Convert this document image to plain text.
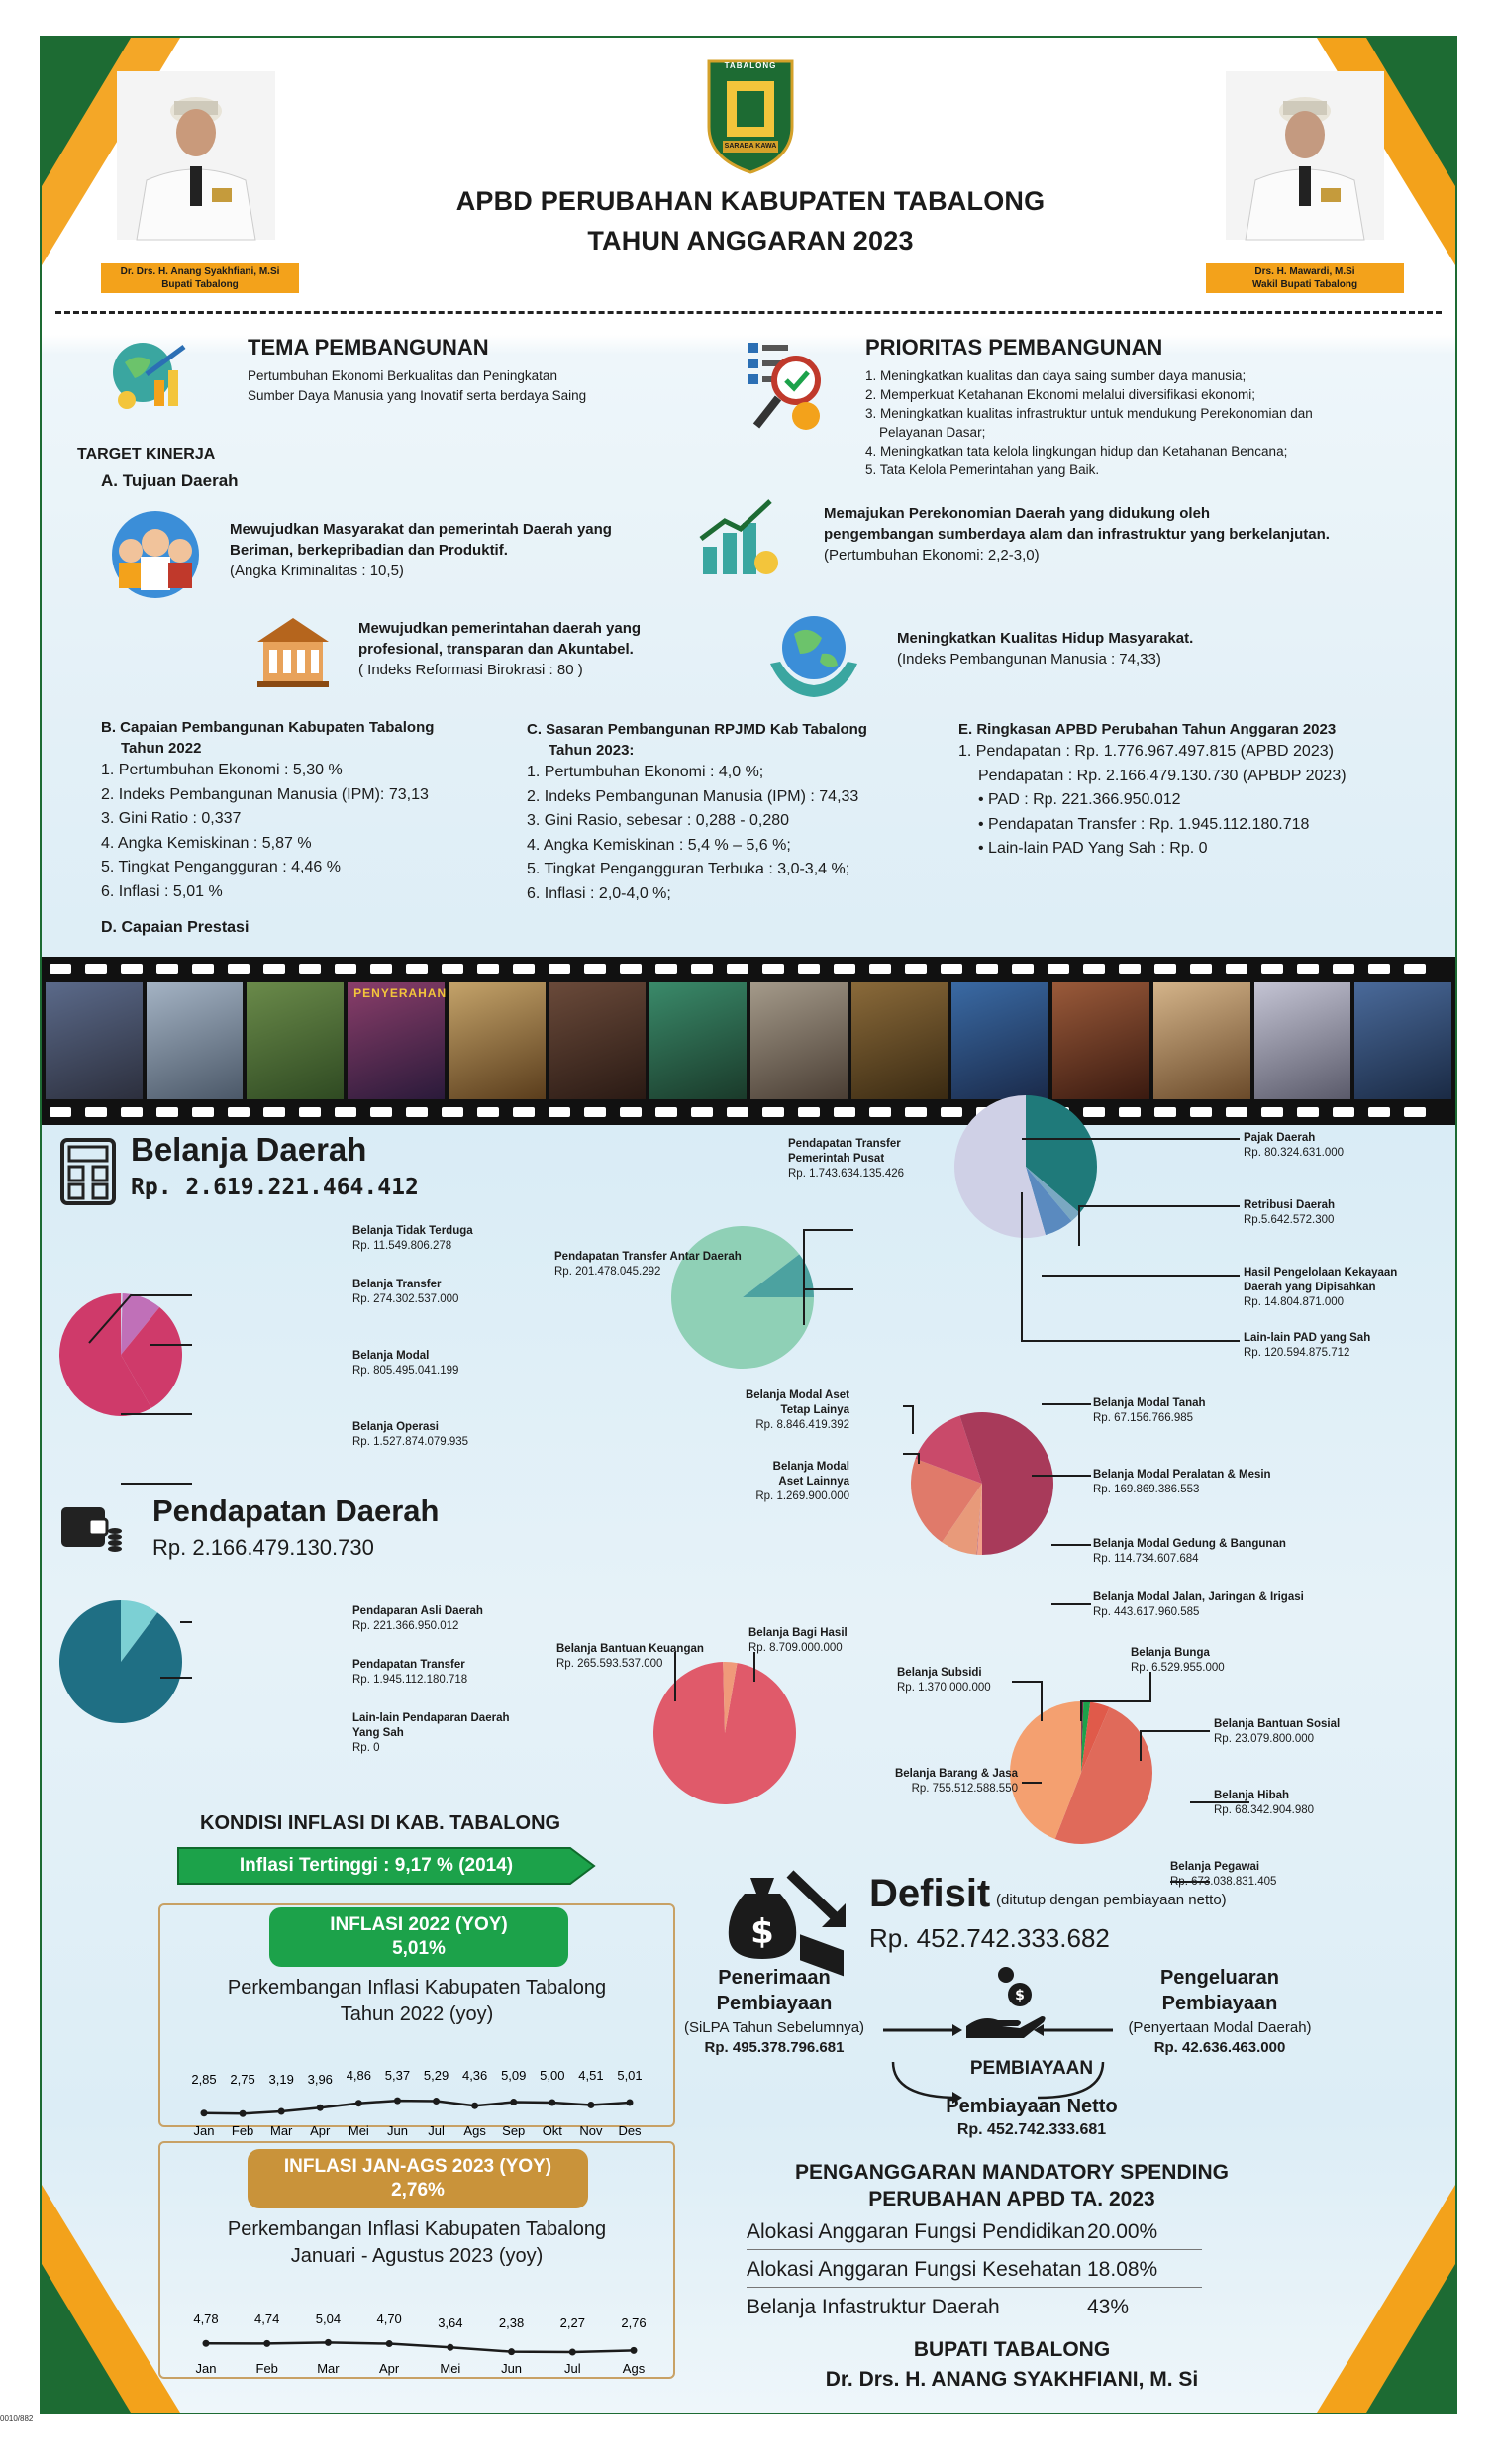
Dr. Drs. H. Anang Syakhfiani, M.Si
Bupati Tabalong
Drs. H. Mawardi, M.Si
Wakil Bupati Tabalong
TABALONG
SARABA KAWA
APBD PERUBAHAN KABUPATEN TABALONG
TAHUN ANGGARAN 2023
TEMA PEMBANGUNAN
Pertumbuhan Ekonomi Berkualitas dan Peningkatan
Sumber Daya Manusia yang Inovatif serta berdaya Saing
PRIORITAS PEMBANGUNAN
1. Meningkatkan kualitas dan daya saing sumber daya manusia;
2. Memperkuat Ketahanan Ekonomi melalui diversifikasi ekonomi;
3. Meningkatkan kualitas infrastruktur untuk mendukung Perekonomian dan
Pelayanan Dasar;
4. Meningkatkan tata kelola lingkungan hidup dan Ketahanan Bencana;
5. Tata Kelola Pemerintahan yang Baik.
TARGET KINERJA
A. Tujuan Daerah
Mewujudkan Masyarakat dan pemerintah Daerah yang
Beriman, berkepribadian dan Produktif.
(Angka Kriminalitas : 10,5)
Memajukan Perekonomian Daerah yang didukung oleh
pengembangan sumberdaya alam dan infrastruktur yang berkelanjutan.
(Pertumbuhan Ekonomi: 2,2-3,0)
Mewujudkan pemerintahan daerah yang
profesional, transparan dan Akuntabel.
( Indeks Reformasi Birokrasi : 80 )
Meningkatkan Kualitas Hidup Masyarakat.
(Indeks Pembangunan Manusia : 74,33)
B. Capaian Pembangunan Kabupaten Tabalong
Tahun 2022
1. Pertumbuhan Ekonomi : 5,30 %
2. Indeks Pembangunan Manusia (IPM): 73,13
3. Gini Ratio : 0,337
4. Angka Kemiskinan : 5,87 %
5. Tingkat Pengangguran : 4,46 %
6. Inflasi : 5,01 %
D. Capaian Prestasi
C. Sasaran Pembangunan RPJMD Kab Tabalong
Tahun 2023:
1. Pertumbuhan Ekonomi : 4,0 %;
2. Indeks Pembangunan Manusia (IPM) : 74,33
3. Gini Rasio, sebesar : 0,288 - 0,280
4. Angka Kemiskinan : 5,4 % – 5,6 %;
5. Tingkat Pengangguran Terbuka : 3,0-3,4 %;
6. Inflasi : 2,0-4,0 %;
E. Ringkasan APBD Perubahan Tahun Anggaran 2023
1. Pendapatan : Rp. 1.776.967.497.815 (APBD 2023)
Pendapatan : Rp. 2.166.479.130.730 (APBDP 2023)
• PAD : Rp. 221.366.950.012
• Pendapatan Transfer : Rp. 1.945.112.180.718
• Lain-lain PAD Yang Sah : Rp. 0
PENYERAHAN
Belanja Daerah
Rp. 2.619.221.464.412
Belanja Tidak Terduga
Rp. 11.549.806.278
Belanja Transfer
Rp. 274.302.537.000
Belanja Modal
Rp. 805.495.041.199
Belanja Operasi
Rp. 1.527.874.079.935
Pendapatan Daerah
Rp. 2.166.479.130.730
Pendaparan Asli Daerah
Rp. 221.366.950.012
Pendapatan Transfer
Rp. 1.945.112.180.718
Lain-lain Pendaparan Daerah
Yang Sah
Rp. 0
Pendapatan Transfer
Pemerintah Pusat
Rp. 1.743.634.135.426
Pendapatan Transfer Antar Daerah
Rp. 201.478.045.292
Pajak Daerah
Rp. 80.324.631.000
Retribusi Daerah
Rp.5.642.572.300
Hasil Pengelolaan Kekayaan
Daerah yang Dipisahkan
Rp. 14.804.871.000
Lain-lain PAD yang Sah
Rp. 120.594.875.712
Belanja Modal Aset
Tetap Lainya
Rp. 8.846.419.392
Belanja Modal
Aset Lainnya
Rp. 1.269.900.000
Belanja Modal Tanah
Rp. 67.156.766.985
Belanja Modal Peralatan & Mesin
Rp. 169.869.386.553
Belanja Modal Gedung & Bangunan
Rp. 114.734.607.684
Belanja Modal Jalan, Jaringan & Irigasi
Rp. 443.617.960.585
Belanja Bantuan Keuangan
Rp. 265.593.537.000
Belanja Bagi Hasil
Rp. 8.709.000.000
Belanja Subsidi
Rp. 1.370.000.000
Belanja Bunga
Rp. 6.529.955.000
Belanja Bantuan Sosial
Rp. 23.079.800.000
Belanja Hibah
Rp. 68.342.904.980
Belanja Barang & Jasa
Rp. 755.512.588.550
Belanja Pegawai
Rp. 673.038.831.405
KONDISI INFLASI DI KAB. TABALONG
Inflasi Tertinggi : 9,17 % (2014)
INFLASI 2022 (YOY)
5,01%
Perkembangan Inflasi Kabupaten Tabalong
Tahun 2022 (yoy)
2,85
Jan
2,75
Feb
3,19
Mar
3,96
Apr
4,86
Mei
5,37
Jun
5,29
Jul
4,36
Ags
5,09
Sep
5,00
Okt
4,51
Nov
5,01
Des
INFLASI JAN-AGS 2023 (YOY)
2,76%
Perkembangan Inflasi Kabupaten Tabalong
Januari - Agustus 2023 (yoy)
4,78
Jan
4,74
Feb
5,04
Mar
4,70
Apr
3,64
Mei
2,38
Jun
2,27
Jul
2,76
Ags
$
Defisit (ditutup dengan pembiayaan netto)
Rp. 452.742.333.682
Penerimaan
Pembiayaan
(SiLPA Tahun Sebelumnya)
Rp. 495.378.796.681
Pengeluaran
Pembiayaan
(Penyertaan Modal Daerah)
Rp. 42.636.463.000
$
PEMBIAYAAN
Pembiayaan Netto
Rp. 452.742.333.681
PENGANGGARAN MANDATORY SPENDING
PERUBAHAN APBD TA. 2023
Alokasi Anggaran Fungsi Pendidikan 20.00%
Alokasi Anggaran Fungsi Kesehatan 18.08%
Belanja Infastruktur Daerah	43%
BUPATI TABALONG
Dr. Drs. H. ANANG SYAKHFIANI, M. Si
0010/882
